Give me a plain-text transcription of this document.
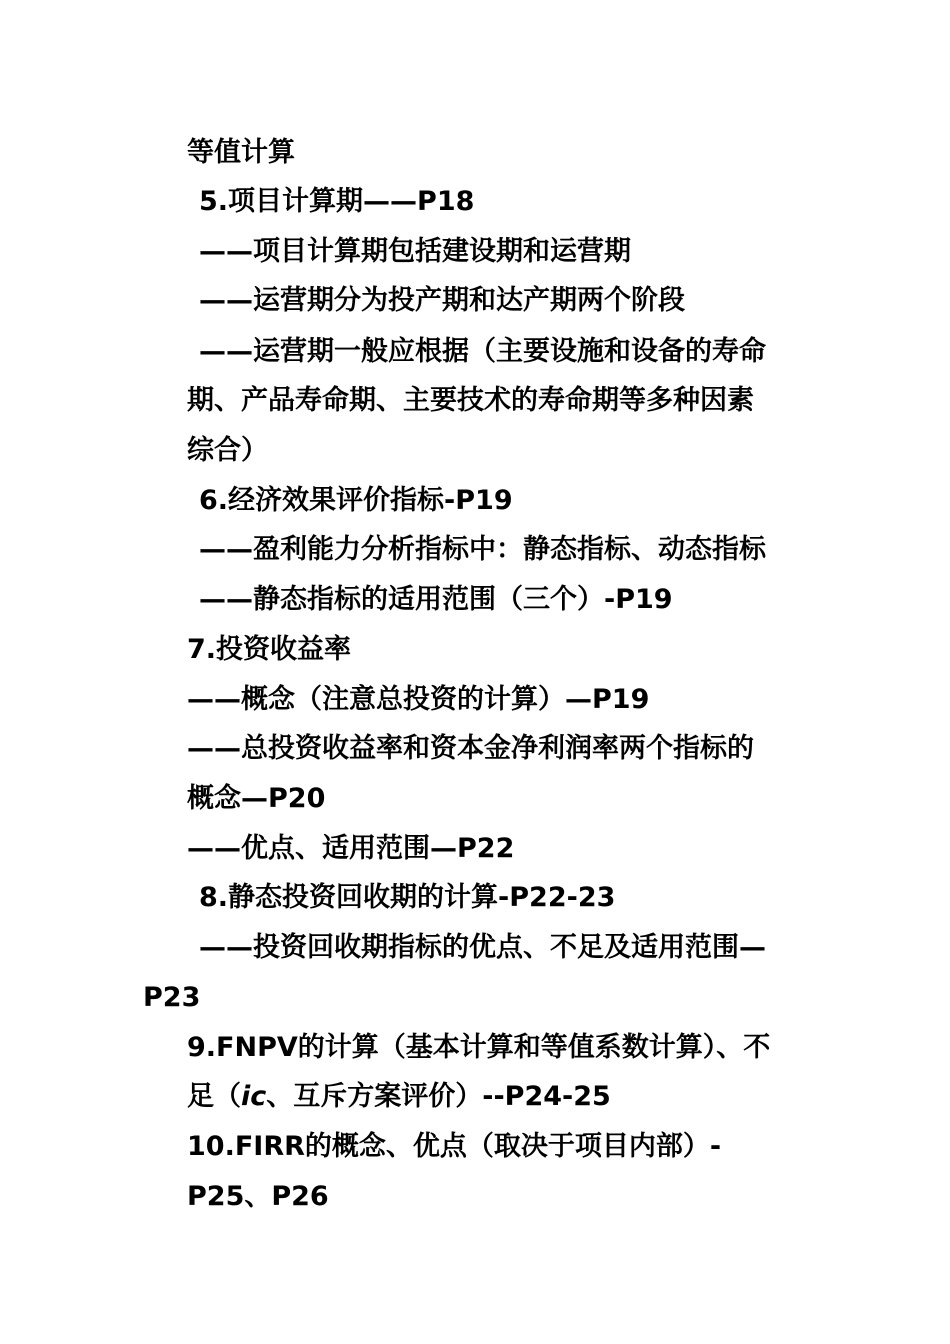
等值计算
5.项目计算期——P18
——项目计算期包括建设期和运营期
——运营期分为投产期和达产期两个阶段
——运营期一般应根据（主要设施和设备的寿命
期、产品寿命期、主要技术的寿命期等多种因素
综合）
6.经济效果评价指标-P19
——盈利能力分析指标中：静态指标、动态指标
——静态指标的适用范围（三个）-P19
7.投资收益率
——概念（注意总投资的计算）—P19
——总投资收益率和资本金净利润率两个指标的
概念—P20
——优点、适用范围—P22
8.静态投资回收期的计算-P22-23
——投资回收期指标的优点、不足及适用范围—
P23
9.FNPV的计算（基本计算和等值系数计算）、不
足（ic、互斥方案评价）--P24-25
10.FIRR的概念、优点（取决于项目内部）-
P25、P26
